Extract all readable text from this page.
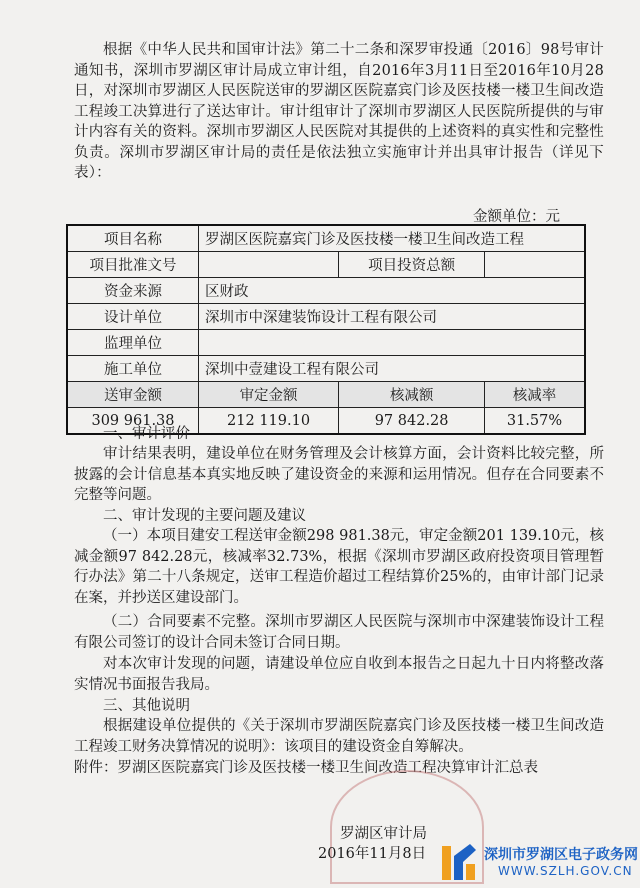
根据《中华人民共和国审计法》第二十二条和深罗审投通〔2016〕98号审计通知书，深圳市罗湖区审计局成立审计组，自2016年3月11日至2016年10月28日，对深圳市罗湖区人民医院送审的罗湖区医院嘉宾门诊及医技楼一楼卫生间改造工程竣工决算进行了送达审计。审计组审计了深圳市罗湖区人民医院所提供的与审计内容有关的资料。深圳市罗湖区人民医院对其提供的上述资料的真实性和完整性负责。深圳市罗湖区审计局的责任是依法独立实施审计并出具审计报告（详见下表）：

金额单位：元
项目名称	罗湖区医院嘉宾门诊及医技楼一楼卫生间改造工程		
项目批准文号		项目投资总额	
资金来源	区财政		
设计单位	深圳市中深建装饰设计工程有限公司		
监理单位			
施工单位	深圳中壹建设工程有限公司		
送审金额	审定金额	核减额	核减率
309 961.38	212 119.10	97 842.28	31.57%

一、审计评价

审计结果表明，建设单位在财务管理及会计核算方面，会计资料比较完整，所披露的会计信息基本真实地反映了建设资金的来源和运用情况。但存在合同要素不完整等问题。

二、审计发现的主要问题及建议

（一）本项目建安工程送审金额298 981.38元，审定金额201 139.10元，核减金额97 842.28元，核减率32.73%，根据《深圳市罗湖区政府投资项目管理暂行办法》第二十八条规定，送审工程造价超过工程结算价25%的，由审计部门记录在案，并抄送区建设部门。

（二）合同要素不完整。深圳市罗湖区人民医院与深圳市中深建装饰设计工程有限公司签订的设计合同未签订合同日期。

对本次审计发现的问题，请建设单位应自收到本报告之日起九十日内将整改落实情况书面报告我局。

三、其他说明

根据建设单位提供的《关于深圳市罗湖医院嘉宾门诊及医技楼一楼卫生间改造工程竣工财务决算情况的说明》：该项目的建设资金自筹解决。

附件：罗湖区医院嘉宾门诊及医技楼一楼卫生间改造工程决算审计汇总表

罗湖区审计局
2016年11月8日	深圳市罗湖区电子政务网
WWW.SZLH.GOV.CN
